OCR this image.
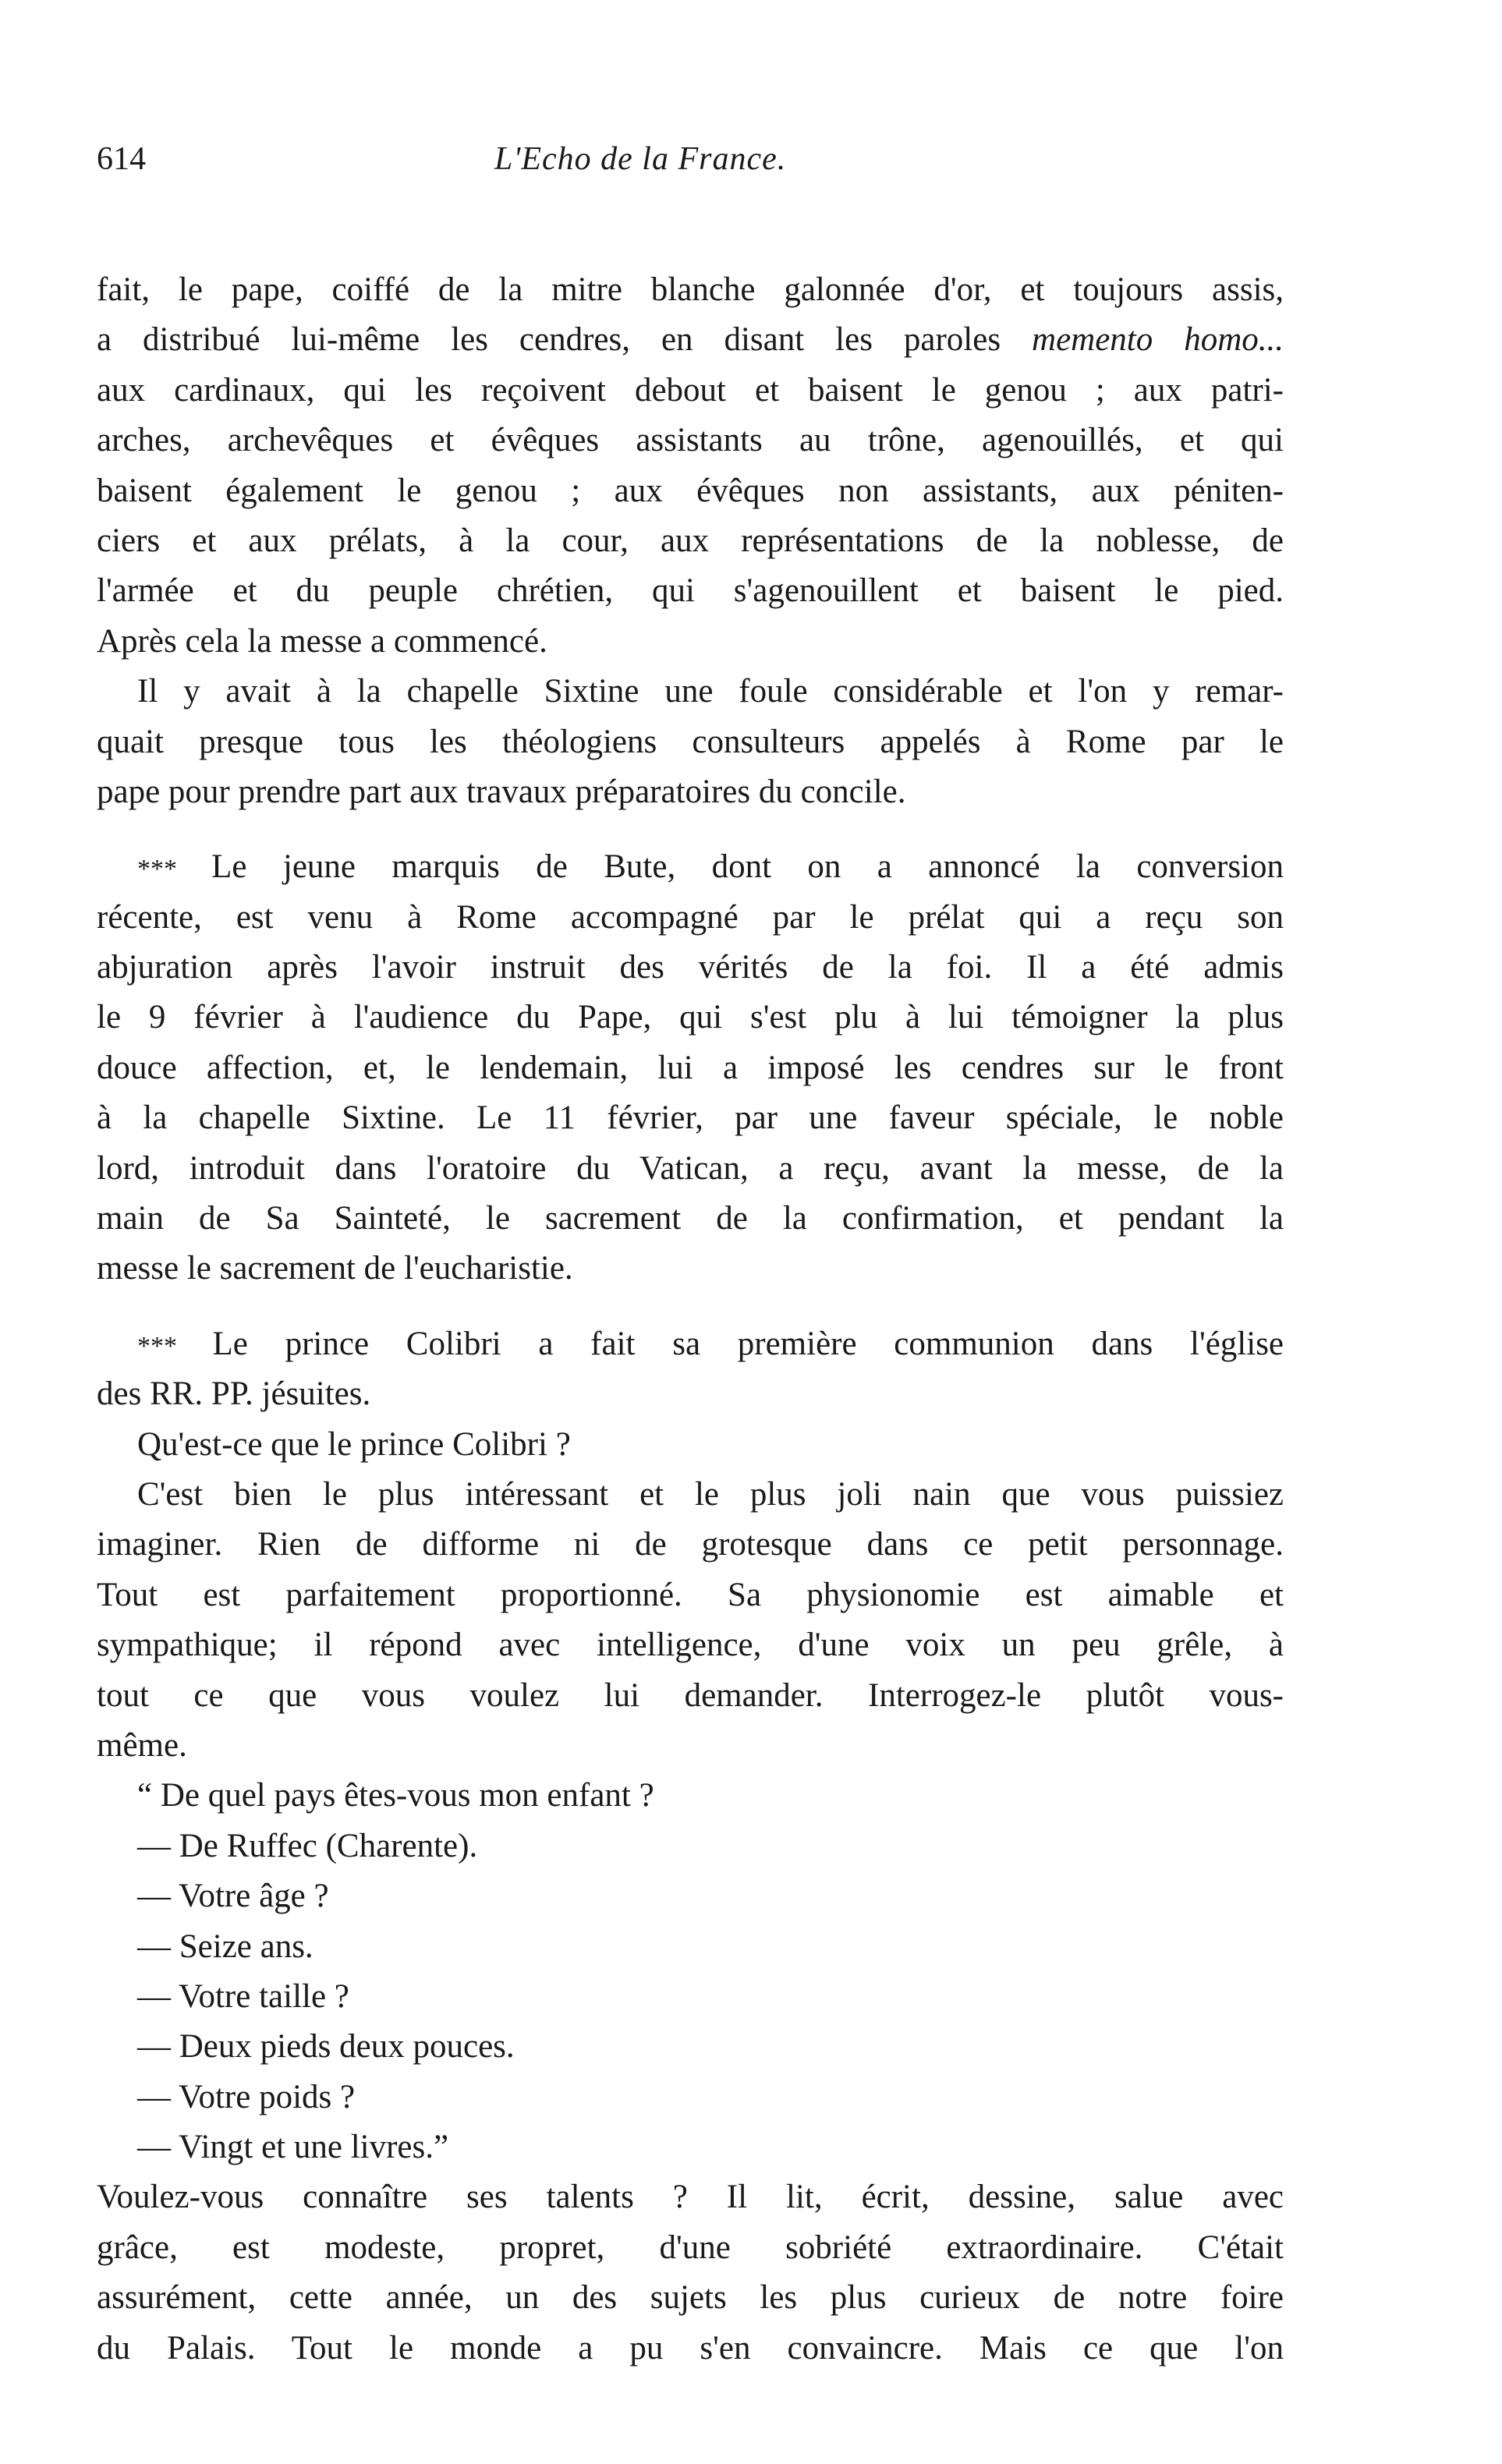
614	L'Echo de la France.
fait, le pape, coiffé de la mitre blanche galonnée d'or, et toujours assis,
a distribué lui-même les cendres, en disant les paroles memento homo...
aux cardinaux, qui les reçoivent debout et baisent le genou ; aux patri-
arches, archevêques et évêques assistants au trône, agenouillés, et qui
baisent également le genou ; aux évêques non assistants, aux péniten-
ciers et aux prélats, à la cour, aux représentations de la noblesse, de
l'armée et du peuple chrétien, qui s'agenouillent et baisent le pied.
Après cela la messe a commencé.
Il y avait à la chapelle Sixtine une foule considérable et l'on y remar-
quait presque tous les théologiens consulteurs appelés à Rome par le
pape pour prendre part aux travaux préparatoires du concile.
*** Le jeune marquis de Bute, dont on a annoncé la conversion
récente, est venu à Rome accompagné par le prélat qui a reçu son
abjuration après l'avoir instruit des vérités de la foi. Il a été admis
le 9 février à l'audience du Pape, qui s'est plu à lui témoigner la plus
douce affection, et, le lendemain, lui a imposé les cendres sur le front
à la chapelle Sixtine. Le 11 février, par une faveur spéciale, le noble
lord, introduit dans l'oratoire du Vatican, a reçu, avant la messe, de la
main de Sa Sainteté, le sacrement de la confirmation, et pendant la
messe le sacrement de l'eucharistie.
*** Le prince Colibri a fait sa première communion dans l'église
des RR. PP. jésuites.
Qu'est-ce que le prince Colibri ?
C'est bien le plus intéressant et le plus joli nain que vous puissiez
imaginer. Rien de difforme ni de grotesque dans ce petit personnage.
Tout est parfaitement proportionné. Sa physionomie est aimable et
sympathique; il répond avec intelligence, d'une voix un peu grêle, à
tout ce que vous voulez lui demander. Interrogez-le plutôt vous-
même.
“ De quel pays êtes-vous mon enfant ?
— De Ruffec (Charente).
— Votre âge ?
— Seize ans.
— Votre taille ?
— Deux pieds deux pouces.
— Votre poids ?
— Vingt et une livres.”
Voulez-vous connaître ses talents ? Il lit, écrit, dessine, salue avec
grâce, est modeste, propret, d'une sobriété extraordinaire. C'était
assurément, cette année, un des sujets les plus curieux de notre foire
du Palais. Tout le monde a pu s'en convaincre. Mais ce que l'on
